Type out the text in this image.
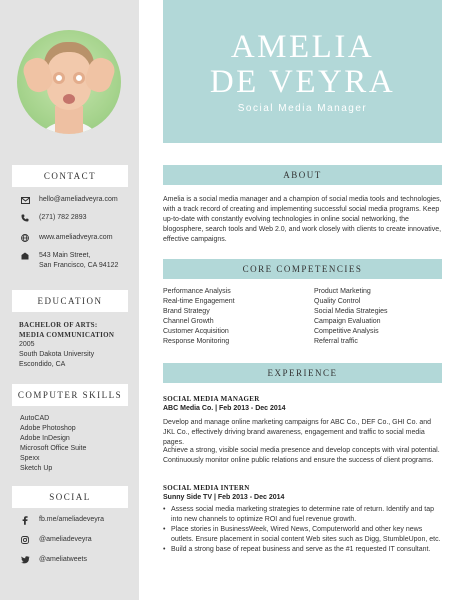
CONTACT
hello@ameliadveyra.com
(271) 782 2893
www.ameliadveyra.com
543 Main Street,
San Francisco, CA 94122
EDUCATION
BACHELOR OF ARTS:
MEDIA COMMUNICATION
2005
South Dakota University
Escondido, CA
COMPUTER SKILLS
AutoCAD
Adobe Photoshop
Adobe InDesign
Microsoft Office Suite
Spexx
Sketch Up
SOCIAL
fb.me/ameliadeveyra
@ameliadeveyra
@ameliatweets
AMELIA
DE VEYRA
Social Media Manager
ABOUT
Amelia is a social media manager and a champion of social media tools and technologies, with a track record of creating and implementing successful social media programs. Keep up-to-date with constantly evolving technologies in online social networking, the blogosphere, search tools and Web 2.0, and work closely with clients to create innovative, effective campaigns.
CORE COMPETENCIES
Performance Analysis
Real-time Engagement
Brand Strategy
Channel Growth
Customer Acquisition
Response Monitoring
Product Marketing
Quality Control
Social Media Strategies
Campaign Evaluation
Competitive Analysis
Referral traffic
EXPERIENCE
SOCIAL MEDIA MANAGER
ABC Media Co. | Feb 2013 - Dec 2014
Develop and manage online marketing campaigns for ABC Co., DEF Co., GHI Co. and JKL Co., effectively driving brand awareness, engagement and traffic to social media pages.
Achieve a strong, visible social media presence and develop concepts with viral potential. Continuously monitor online public relations and ensure the success of client programs.
SOCIAL MEDIA INTERN
Sunny Side TV | Feb 2013 - Dec 2014
• Assess social media marketing strategies to determine rate of return. Identify and tap into new channels to optimize ROI and fuel revenue growth.
• Place stories in BusinessWeek, Wired News, Computerworld and other key news outlets. Ensure placement in social content Web sites such as Digg, StumbleUpon, etc.
• Build a strong base of repeat business and serve as the #1 requested IT consultant.
